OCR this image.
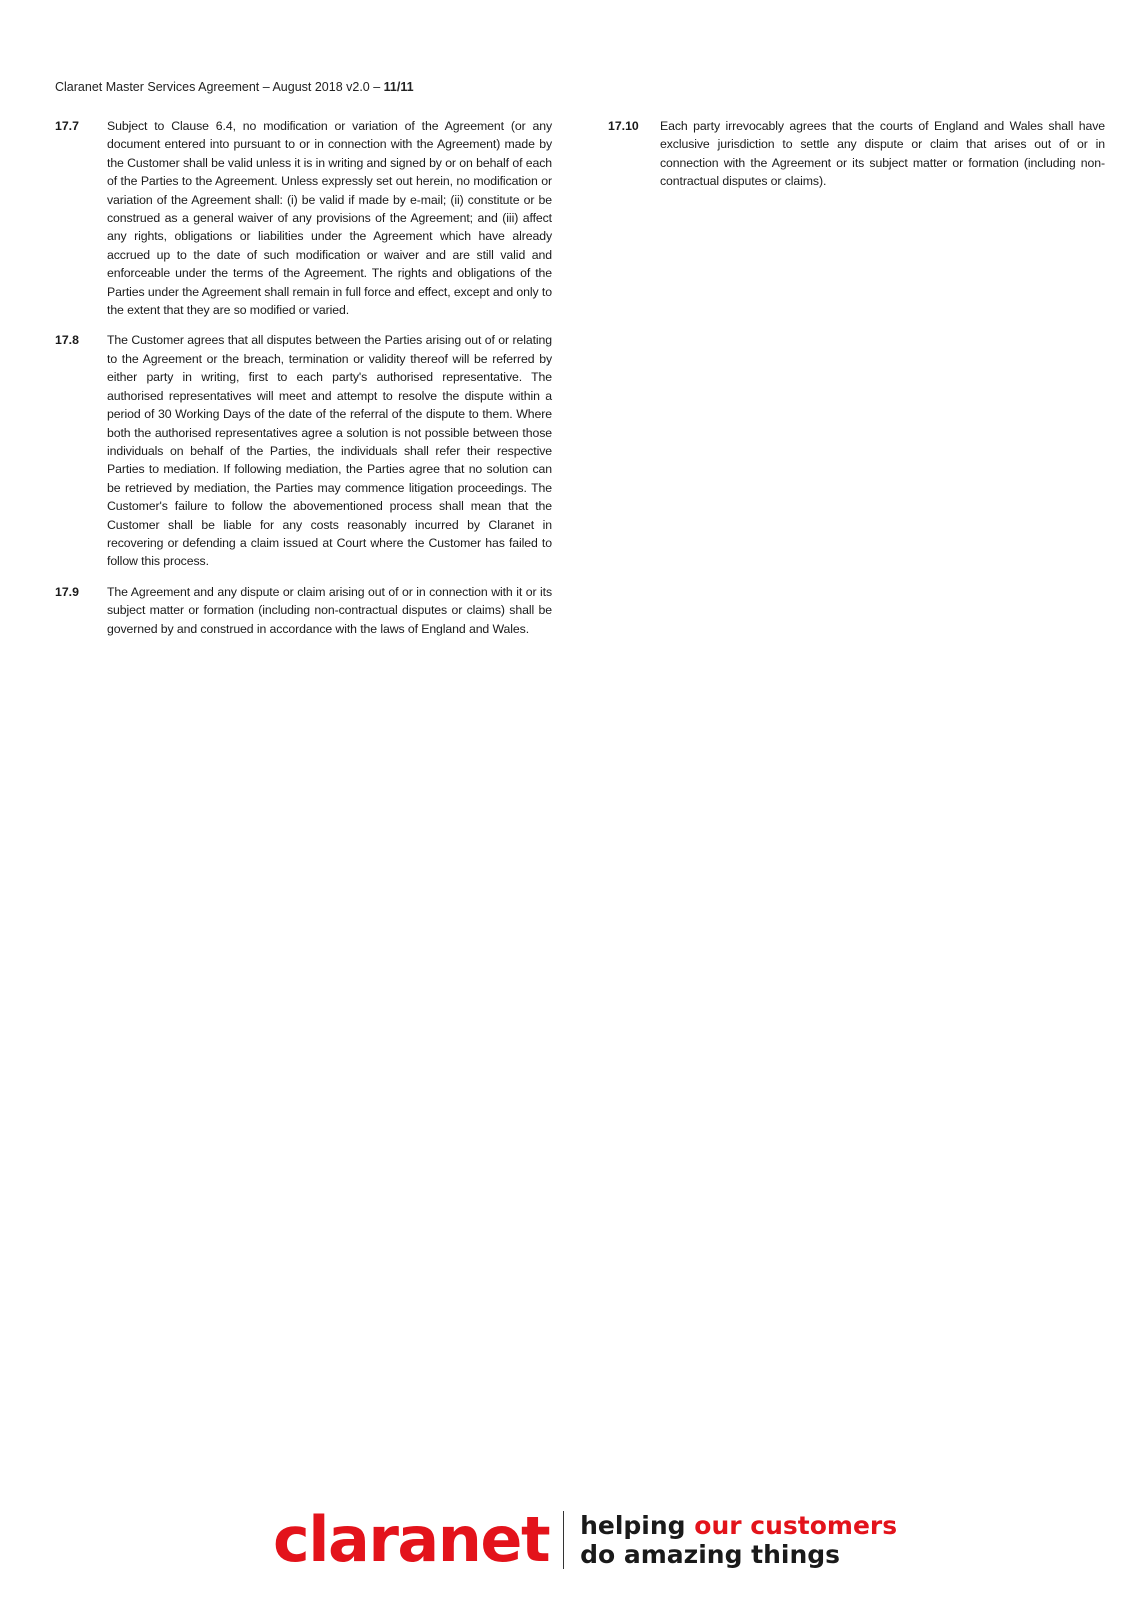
Claranet Master Services Agreement – August 2018 v2.0 – 11/11
17.7	Subject to Clause 6.4, no modification or variation of the Agreement (or any document entered into pursuant to or in connection with the Agreement) made by the Customer shall be valid unless it is in writing and signed by or on behalf of each of the Parties to the Agreement. Unless expressly set out herein, no modification or variation of the Agreement shall: (i) be valid if made by e-mail; (ii) constitute or be construed as a general waiver of any provisions of the Agreement; and (iii) affect any rights, obligations or liabilities under the Agreement which have already accrued up to the date of such modification or waiver and are still valid and enforceable under the terms of the Agreement. The rights and obligations of the Parties under the Agreement shall remain in full force and effect, except and only to the extent that they are so modified or varied.
17.8	The Customer agrees that all disputes between the Parties arising out of or relating to the Agreement or the breach, termination or validity thereof will be referred by either party in writing, first to each party's authorised representative. The authorised representatives will meet and attempt to resolve the dispute within a period of 30 Working Days of the date of the referral of the dispute to them. Where both the authorised representatives agree a solution is not possible between those individuals on behalf of the Parties, the individuals shall refer their respective Parties to mediation. If following mediation, the Parties agree that no solution can be retrieved by mediation, the Parties may commence litigation proceedings. The Customer's failure to follow the abovementioned process shall mean that the Customer shall be liable for any costs reasonably incurred by Claranet in recovering or defending a claim issued at Court where the Customer has failed to follow this process.
17.9	The Agreement and any dispute or claim arising out of or in connection with it or its subject matter or formation (including non-contractual disputes or claims) shall be governed by and construed in accordance with the laws of England and Wales.
17.10	Each party irrevocably agrees that the courts of England and Wales shall have exclusive jurisdiction to settle any dispute or claim that arises out of or in connection with the Agreement or its subject matter or formation (including non-contractual disputes or claims).
claranet helping our customers
do amazing things
